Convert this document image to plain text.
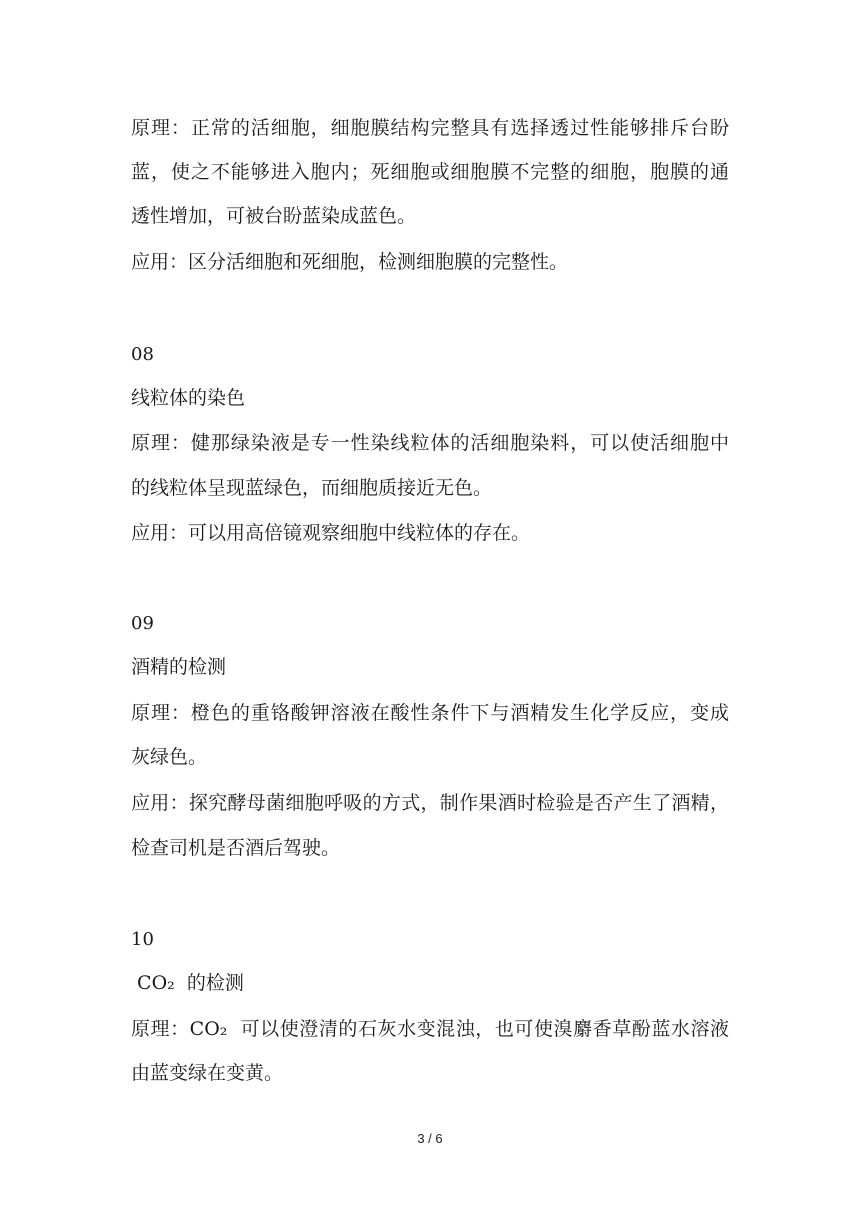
原理：正常的活细胞，细胞膜结构完整具有选择透过性能够排斥台盼
蓝，使之不能够进入胞内；死细胞或细胞膜不完整的细胞，胞膜的通
透性增加，可被台盼蓝染成蓝色。
应用：区分活细胞和死细胞，检测细胞膜的完整性。
08
线粒体的染色
原理：健那绿染液是专一性染线粒体的活细胞染料，可以使活细胞中
的线粒体呈现蓝绿色，而细胞质接近无色。
应用：可以用高倍镜观察细胞中线粒体的存在。
09
酒精的检测
原理：橙色的重铬酸钾溶液在酸性条件下与酒精发生化学反应，变成
灰绿色。
应用：探究酵母菌细胞呼吸的方式，制作果酒时检验是否产生了酒精，
检查司机是否酒后驾驶。
10
CO₂  的检测
原理：CO₂  可以使澄清的石灰水变混浊，也可使溴麝香草酚蓝水溶液
由蓝变绿在变黄。
3 / 6
